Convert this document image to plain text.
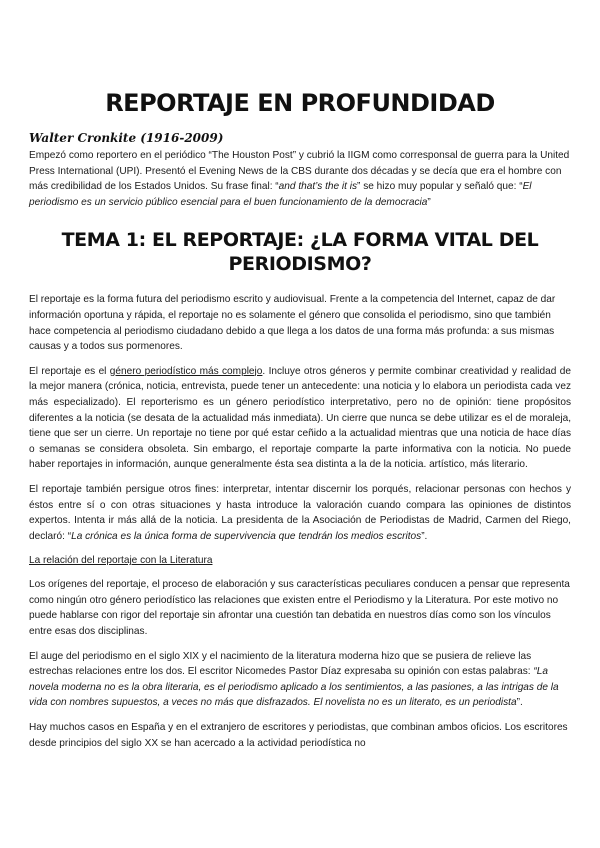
REPORTAJE EN PROFUNDIDAD
Walter Cronkite (1916-2009)

Empezó como reportero en el periódico “The Houston Post” y cubrió la IIGM como corresponsal de guerra para la United Press International (UPI). Presentó el Evening News de la CBS durante dos décadas y se decía que era el hombre con más credibilidad de los Estados Unidos. Su frase final: “and that’s the it is” se hizo muy popular y señaló que: “El periodismo es un servicio público esencial para el buen funcionamiento de la democracia”

TEMA 1: EL REPORTAJE: ¿LA FORMA VITAL DEL PERIODISMO?

El reportaje es la forma futura del periodismo escrito y audiovisual. Frente a la competencia del Internet, capaz de dar información oportuna y rápida, el reportaje no es solamente el género que consolida el periodismo, sino que también hace competencia al periodismo ciudadano debido a que llega a los datos de una forma más profunda: a sus mismas causas y a todos sus pormenores.

El reportaje es el género periodístico más complejo. Incluye otros géneros y permite combinar creatividad y realidad de la mejor manera (crónica, noticia, entrevista, puede tener un antecedente: una noticia y lo elabora un periodista cada vez más especializado). El reporterismo es un género periodístico interpretativo, pero no de opinión: tiene propósitos diferentes a la noticia (se desata de la actualidad más inmediata). Un cierre que nunca se debe utilizar es el de moraleja, tiene que ser un cierre. Un reportaje no tiene por qué estar ceñido a la actualidad mientras que una noticia de hace días o semanas se considera obsoleta. Sin embargo, el reportaje comparte la parte informativa con la noticia. No puede haber reportajes in información, aunque generalmente ésta sea distinta a la de la noticia. artístico, más literario.

El reportaje también persigue otros fines: interpretar, intentar discernir los porqués, relacionar personas con hechos y éstos entre sí o con otras situaciones y hasta introduce la valoración cuando compara las opiniones de distintos expertos. Intenta ir más allá de la noticia. La presidenta de la Asociación de Periodistas de Madrid, Carmen del Riego, declaró: “La crónica es la única forma de supervivencia que tendrán los medios escritos”.

La relación del reportaje con la Literatura

Los orígenes del reportaje, el proceso de elaboración y sus características peculiares conducen a pensar que representa como ningún otro género periodístico las relaciones que existen entre el Periodismo y la Literatura. Por este motivo no puede hablarse con rigor del reportaje sin afrontar una cuestión tan debatida en nuestros días como son los vínculos entre esas dos disciplinas.

El auge del periodismo en el siglo XIX y el nacimiento de la literatura moderna hizo que se pusiera de relieve las estrechas relaciones entre los dos. El escritor Nicomedes Pastor Díaz expresaba su opinión con estas palabras: “La novela moderna no es la obra literaria, es el periodismo aplicado a los sentimientos, a las pasiones, a las intrigas de la vida con nombres supuestos, a veces no más que disfrazados. El novelista no es un literato, es un periodista”.

Hay muchos casos en España y en el extranjero de escritores y periodistas, que combinan ambos oficios. Los escritores desde principios del siglo XX se han acercado a la actividad periodística no
